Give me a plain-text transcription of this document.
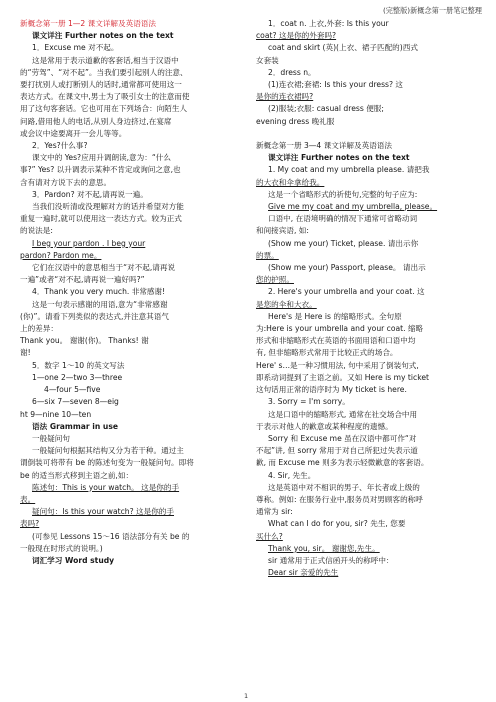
(完整版)新概念第一册笔记整理

新概念第一册 1—2 课文详解及英语语法

课文详注 Further notes on the text

1．Excuse me 对不起。

这是常用于表示道歉的客套话,相当于汉语中

的“劳驾”、“对不起”。当我们要引起别人的注意、

要打扰别人或打断别人的话时,通常都可使用这一

表达方式。在课文中,男士为了吸引女士的注意而使

用了这句客套话。它也可用在下列场合：向陌生人

问路,借用他人的电话,从别人身边挤过,在宴席

或会议中途要离开一会儿等等。

2．Yes?什么事?

课文中的 Yes?应用升调朗读,意为：“什么

事?” Yes? 以升调表示某种不肯定或询问之意,也

含有请对方说下去的意思。

3．Pardon? 对不起,请再说一遍。

当我们没听清或没理解对方的话并希望对方能

重复一遍时,就可以使用这一表达方式。较为正式

的说法是:

I beg your pardon . I beg your

pardon? Pardon me。

它们在汉语中的意思相当于“对不起,请再说

一遍”或者“对不起,请再说一遍好吗?”

4．Thank you very much. 非常感谢!

这是一句表示感谢的用语,意为“非常感谢

(你)”。请看下列类似的表达式,并注意其语气

上的差异：

Thank you。 谢谢(你)。 Thanks! 谢

谢!

5．数字 1～10 的英文写法

1—one 2—two 3—three

4—four 5—five

6—six 7—seven 8—eig

ht 9—nine 10—ten

语法 Grammar in use

一般疑问句

一般疑问句根据其结构又分为若干种。通过主

谓倒装可将带有 be 的陈述句变为一般疑问句。即将

be 的适当形式移到主语之前,如：

陈述句：This is your watch。 这是你的手

表。

疑问句：Is this your watch? 这是你的手

表吗?

(可参见 Lessons 15～16 语法部分有关 be 的

一般现在时形式的说明。)

词汇学习 Word study

1．coat n. 上衣,外套: Is this your

coat? 这是你的外套吗?

coat and skirt (英)(上衣、裙子匹配的)西式

女套装

2．dress n。

(1)连衣裙;套裙: Is this your dress? 这

是你的连衣裙吗?

(2)服装;衣服: casual dress 便服;

evening dress 晚礼服

新概念第一册 3—4 课文详解及英语语法

课文详注 Further notes on the text

1. My coat and my umbrella please. 请把我

的大衣和伞拿给我。

这是一个省略形式的祈使句,完整的句子应为:

Give me my coat and my umbrella, please。

口语中, 在语境明确的情况下通常可省略动词

和间接宾语, 如:

(Show me your) Ticket, please. 请出示你

的票。

(Show me your) Passport, please。 请出示

您的护照。

2. Here's your umbrella and your coat. 这

是您的伞和大衣。

Here's 是 Here is 的缩略形式。全句原

为:Here is your umbrella and your coat. 缩略

形式和非缩略形式在英语的书面用语和口语中均

有, 但非缩略形式常用于比较正式的场合。

Here' s…是一种习惯用法, 句中采用了倒装句式,

即系动词提到了主语之前。又如 Here is my ticket

这句话用正常的语序时为 My ticket is here.

3. Sorry = I'm sorry。

这是口语中的缩略形式, 通常在社交场合中用

于表示对他人的歉意或某种程度的遗憾。

Sorry 和 Excuse me 虽在汉语中都可作“对

不起”讲, 但 sorry 常用于对自己所犯过失表示道

歉, 而 Excuse me 则多为表示轻微歉意的客套语。

4. Sir, 先生。

这是英语中对不相识的男子、年长者或上级的

尊称。例如: 在服务行业中,服务员对男顾客的称呼

通常为 sir:

What can I do for you, sir? 先生, 您要

买什么?

Thank you, sir。 谢谢您,先生。

sir 通常用于正式信函开头的称呼中：

Dear sir 亲爱的先生

1
